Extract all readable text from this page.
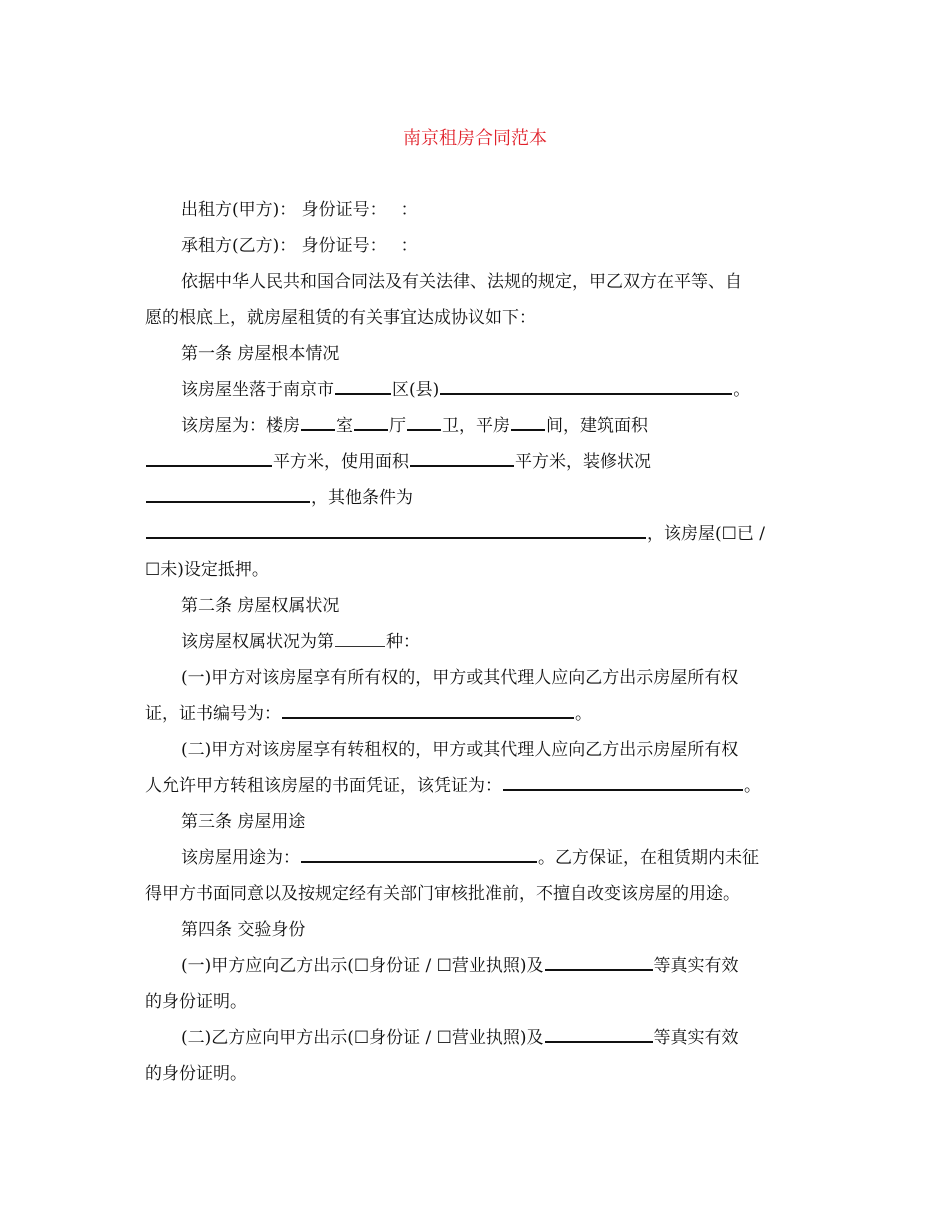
南京租房合同范本
出租方(甲方)： 身份证号：　 ：
承租方(乙方)： 身份证号：　 ：
依据中华人民共和国合同法及有关法律、法规的规定，甲乙双方在平等、自
愿的根底上，就房屋租赁的有关事宜达成协议如下：
第一条 房屋根本情况
该房屋坐落于南京市	区(县)	。
该房屋为：楼房 室 厅 卫，平房 间，建筑面积
平方米，使用面积	平方米，装修状况
，其他条件为
，该房屋(☐已 /
☐未)设定抵押。
第二条 房屋权属状况
该房屋权属状况为第	种：
(一)甲方对该房屋享有所有权的，甲方或其代理人应向乙方出示房屋所有权
证，证书编号为：	。
(二)甲方对该房屋享有转租权的，甲方或其代理人应向乙方出示房屋所有权
人允许甲方转租该房屋的书面凭证，该凭证为：	。
第三条 房屋用途
该房屋用途为：	。乙方保证，在租赁期内未征
得甲方书面同意以及按规定经有关部门审核批准前，不擅自改变该房屋的用途。
第四条 交验身份
(一)甲方应向乙方出示(☐身份证 / ☐营业执照)及	等真实有效
的身份证明。
(二)乙方应向甲方出示(☐身份证 / ☐营业执照)及	等真实有效
的身份证明。
